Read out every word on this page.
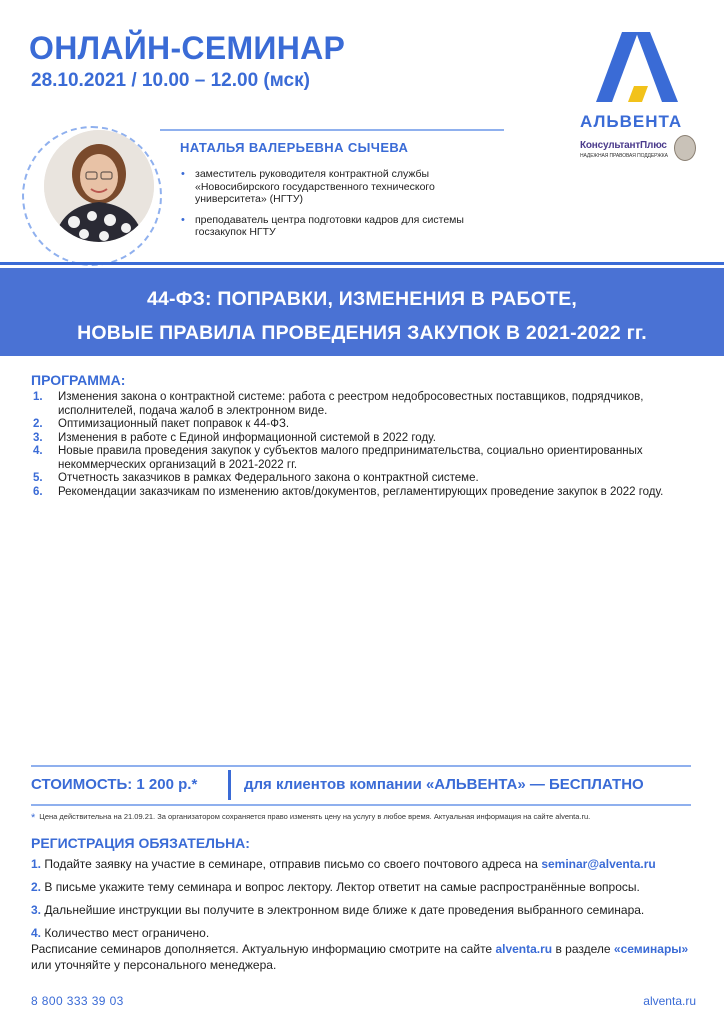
ОНЛАЙН-СЕМИНАР
28.10.2021 / 10.00 – 12.00 (мск)
АЛЬВЕНТА
КонсультантПлюс
НАДЕЖНАЯ ПРАВОВАЯ ПОДДЕРЖКА
НАТАЛЬЯ ВАЛЕРЬЕВНА СЫЧЕВА
• заместитель руководителя контрактной службы «Новосибирского государственного технического университета» (НГТУ)
• преподаватель центра подготовки кадров для системы госзакупок НГТУ
44-ФЗ: ПОПРАВКИ, ИЗМЕНЕНИЯ В РАБОТЕ,
НОВЫЕ ПРАВИЛА ПРОВЕДЕНИЯ ЗАКУПОК В 2021-2022 гг.
ПРОГРАММА:
1.	Изменения закона о контрактной системе: работа с реестром недобросовестных поставщиков, подрядчиков, исполнителей, подача жалоб в электронном виде.
2.	Оптимизационный пакет поправок к 44-ФЗ.
3.	Изменения в работе с Единой информационной системой в 2022 году.
4.	Новые правила проведения закупок у субъектов малого предпринимательства, социально ориентированных некоммерческих организаций в 2021-2022 гг.
5.	Отчетность заказчиков в рамках Федерального закона о контрактной системе.
6.	Рекомендации заказчикам по изменению актов/документов, регламентирующих проведение закупок в 2022 году.
СТОИМОСТЬ: 1 200 р.*	для клиентов компании «АЛЬВЕНТА» — БЕСПЛАТНО
* Цена действительна на 21.09.21. За организатором сохраняется право изменять цену на услугу в любое время. Актуальная информация на сайте alventa.ru.
РЕГИСТРАЦИЯ ОБЯЗАТЕЛЬНА:
1. Подайте заявку на участие в семинаре, отправив письмо со своего почтового адреса на seminar@alventa.ru
2. В письме укажите тему семинара и вопрос лектору. Лектор ответит на самые распространённые вопросы.
3. Дальнейшие инструкции вы получите в электронном виде ближе к дате проведения выбранного семинара.
4. Количество мест ограничено.
Расписание семинаров дополняется. Актуальную информацию смотрите на сайте alventa.ru в разделе «семинары» или уточняйте у персонального менеджера.
8 800 333 39 03	alventa.ru
